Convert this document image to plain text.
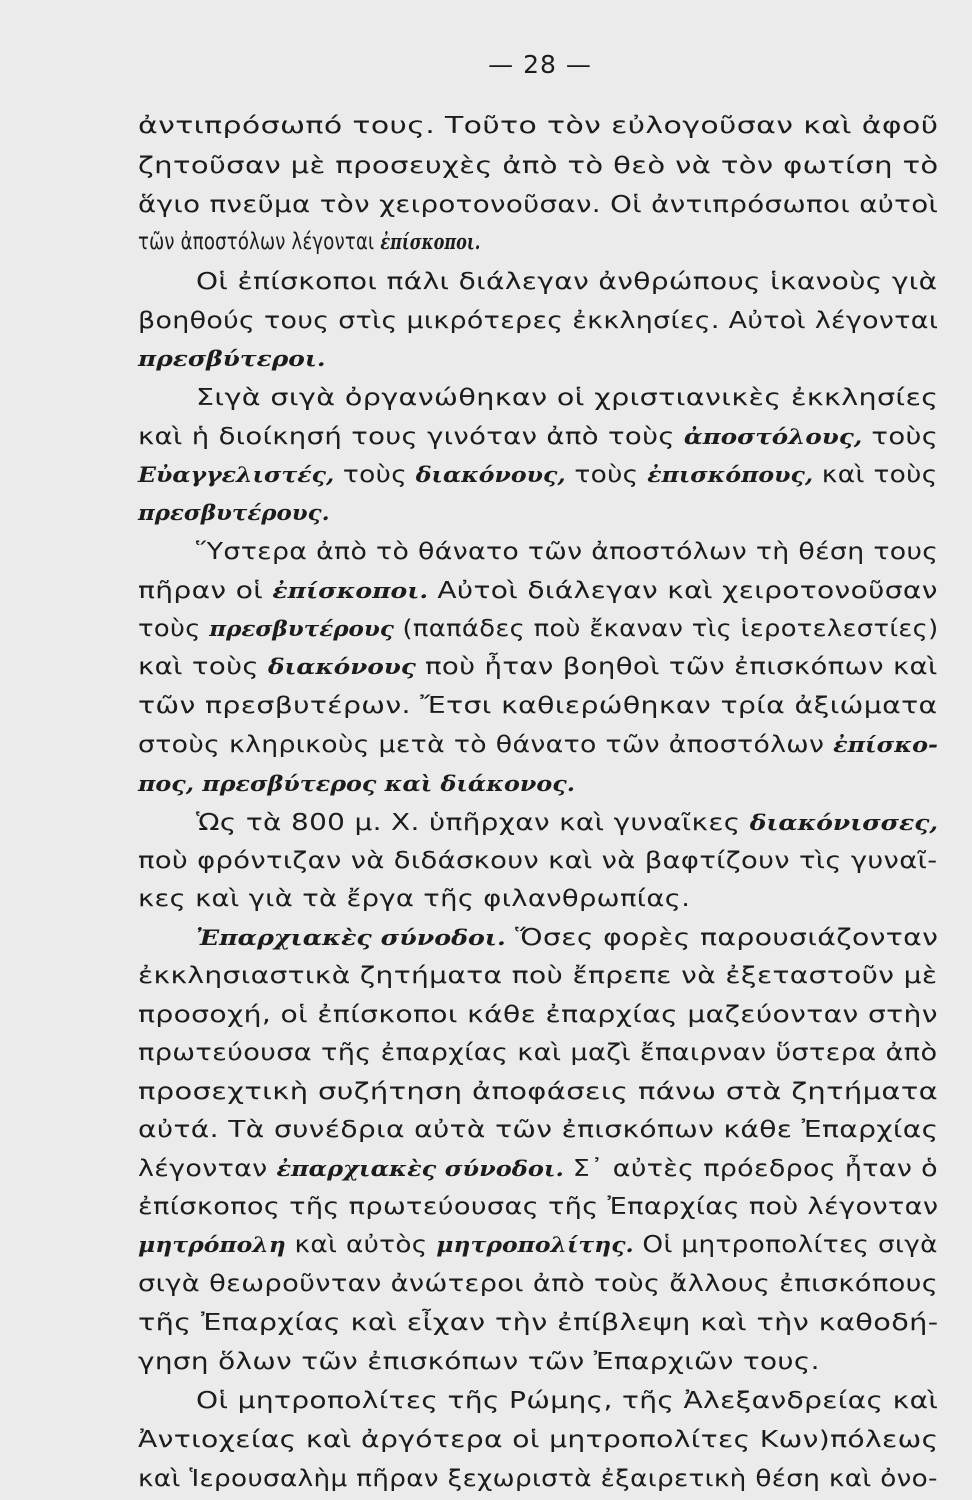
— 28 —
ἀντιπρόσωπό τους. Τοῦτο τὸν εὐλογοῦσαν καὶ ἀφοῦ
ζητοῦσαν μὲ προσευχὲς ἀπὸ τὸ θεὸ νὰ τὸν φωτίση τὸ
ἅγιο πνεῦμα τὸν χειροτονοῦσαν. Οἱ ἀντιπρόσωποι αὐτοὶ
τῶν ἀποστόλων λέγονται ἐπίσκοποι.
Οἱ ἐπίσκοποι πάλι διάλεγαν ἀνθρώπους ἱκανοὺς γιὰ
βοηθούς τους στὶς μικρότερες ἐκκλησίες. Αὐτοὶ λέγονται
πρεσβύτεροι.
Σιγὰ σιγὰ ὀργανώθηκαν οἱ χριστιανικὲς ἐκκλησίες
καὶ ἡ διοίκησή τους γινόταν ἀπὸ τοὺς ἀποστόλους, τοὺς
Εὐαγγελιστές, τοὺς διακόνους, τοὺς ἐπισκόπους, καὶ τοὺς
πρεσβυτέρους.
Ὕστερα ἀπὸ τὸ θάνατο τῶν ἀποστόλων τὴ θέση τους
πῆραν οἱ ἐπίσκοποι. Αὐτοὶ διάλεγαν καὶ χειροτονοῦσαν
τοὺς πρεσβυτέρους (παπάδες ποὺ ἔκαναν τὶς ἱεροτελεστίες)
καὶ τοὺς διακόνους ποὺ ἦταν βοηθοὶ τῶν ἐπισκόπων καὶ
τῶν πρεσβυτέρων. Ἔτσι καθιερώθηκαν τρία ἀξιώματα
στοὺς κληρικοὺς μετὰ τὸ θάνατο τῶν ἀποστόλων ἐπίσκο-
πος, πρεσβύτερος καὶ διάκονος.
Ὡς τὰ 800 μ. Χ. ὑπῆρχαν καὶ γυναῖκες διακόνισσες,
ποὺ φρόντιζαν νὰ διδάσκουν καὶ νὰ βαφτίζουν τὶς γυναῖ-
κες καὶ γιὰ τὰ ἔργα τῆς φιλανθρωπίας.
Ἐπαρχιακὲς σύνοδοι. Ὅσες φορὲς παρουσιάζονταν
ἐκκλησιαστικὰ ζητήματα ποὺ ἔπρεπε νὰ ἐξεταστοῦν μὲ
προσοχή, οἱ ἐπίσκοποι κάθε ἐπαρχίας μαζεύονταν στὴν
πρωτεύουσα τῆς ἐπαρχίας καὶ μαζὶ ἔπαιρναν ὕστερα ἀπὸ
προσεχτικὴ συζήτηση ἀποφάσεις πάνω στὰ ζητήματα
αὐτά. Τὰ συνέδρια αὐτὰ τῶν ἐπισκόπων κάθε Ἐπαρχίας
λέγονταν ἐπαρχιακὲς σύνοδοι. Σ᾽ αὐτὲς πρόεδρος ἦταν ὁ
ἐπίσκοπος τῆς πρωτεύουσας τῆς Ἐπαρχίας ποὺ λέγονταν
μητρόπολη καὶ αὐτὸς μητροπολίτης. Οἱ μητροπολίτες σιγὰ
σιγὰ θεωροῦνταν ἀνώτεροι ἀπὸ τοὺς ἄλλους ἐπισκόπους
τῆς Ἐπαρχίας καὶ εἶχαν τὴν ἐπίβλεψη καὶ τὴν καθοδή-
γηση ὅλων τῶν ἐπισκόπων τῶν Ἐπαρχιῶν τους.
Οἱ μητροπολίτες τῆς Ρώμης, τῆς Ἀλεξανδρείας καὶ
Ἀντιοχείας καὶ ἀργότερα οἱ μητροπολίτες Κων)πόλεως
καὶ Ἱερουσαλὴμ πῆραν ξεχωριστὰ ἐξαιρετικὴ θέση καὶ ὀνο-
